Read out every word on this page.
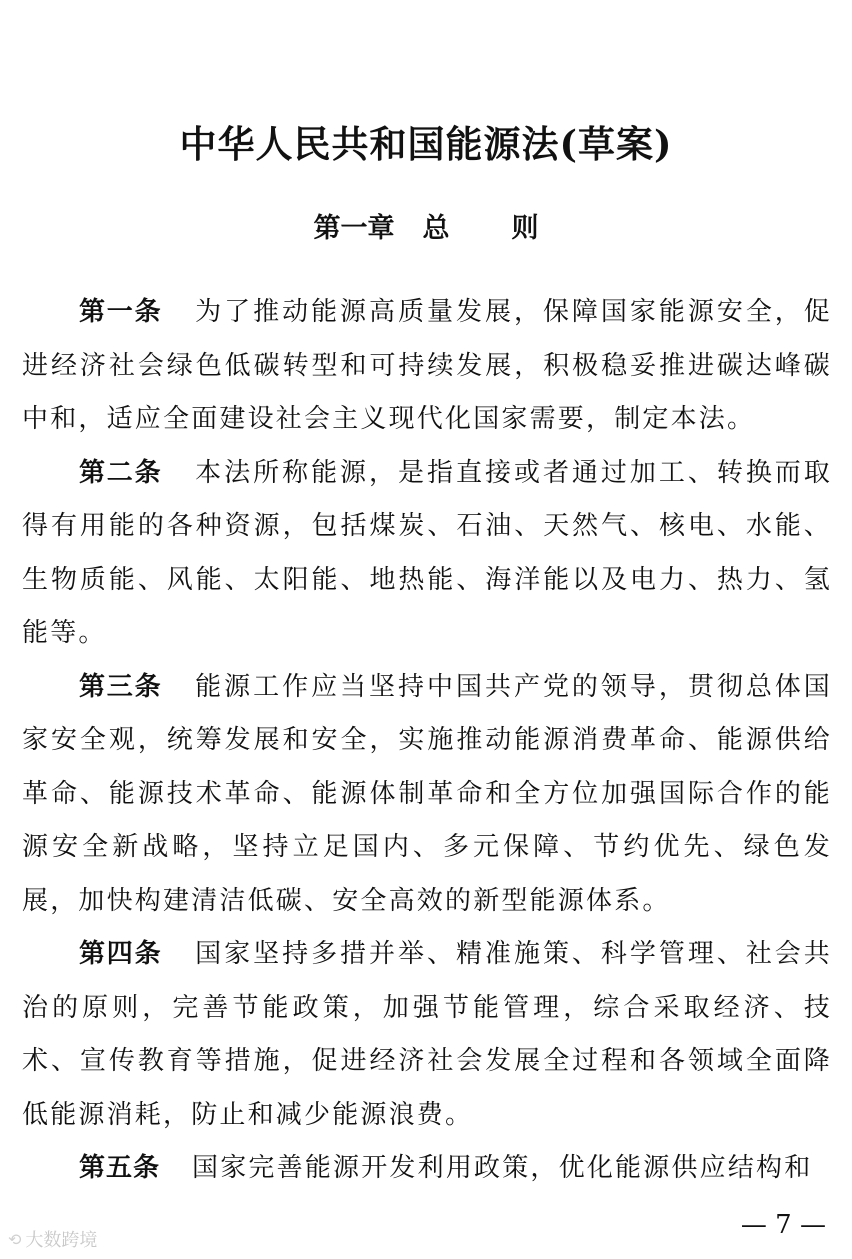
中华人民共和国能源法(草案)
第一章 总 则

第一条 为了推动能源高质量发展，保障国家能源安全，促进经济社会绿色低碳转型和可持续发展，积极稳妥推进碳达峰碳中和，适应全面建设社会主义现代化国家需要，制定本法。

第二条 本法所称能源，是指直接或者通过加工、转换而取得有用能的各种资源，包括煤炭、石油、天然气、核电、水能、生物质能、风能、太阳能、地热能、海洋能以及电力、热力、氢能等。

第三条 能源工作应当坚持中国共产党的领导，贯彻总体国家安全观，统筹发展和安全，实施推动能源消费革命、能源供给革命、能源技术革命、能源体制革命和全方位加强国际合作的能源安全新战略，坚持立足国内、多元保障、节约优先、绿色发展，加快构建清洁低碳、安全高效的新型能源体系。

第四条 国家坚持多措并举、精准施策、科学管理、社会共治的原则，完善节能政策，加强节能管理，综合采取经济、技术、宣传教育等措施，促进经济社会发展全过程和各领域全面降低能源消耗，防止和减少能源浪费。

第五条 国家完善能源开发利用政策，优化能源供应结构和

— 7 —
⟲ 大数跨境
